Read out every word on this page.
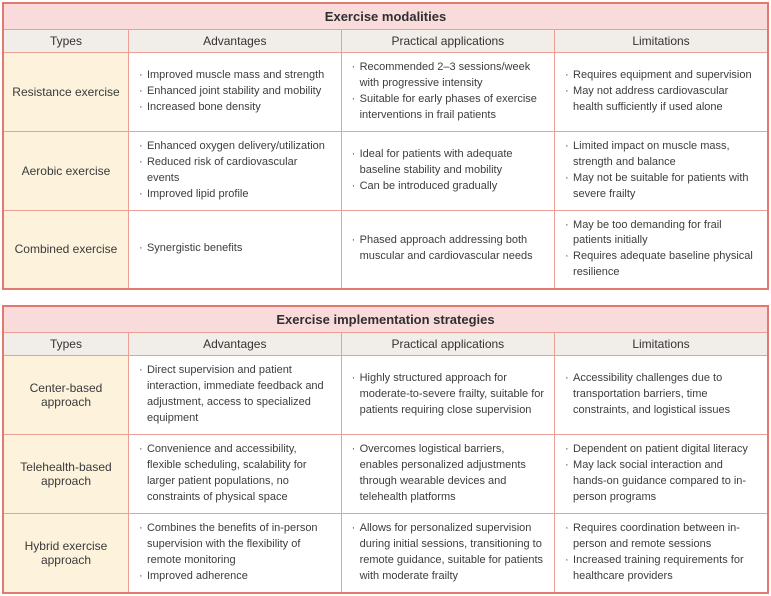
Exercise modalities			
Types	Advantages	Practical applications	Limitations
Resistance exercise	
· Improved muscle mass and strength
· Enhanced joint stability and mobility
· Increased bone density

· Recommended 2–3 sessions/week with progressive intensity
· Suitable for early phases of exercise interventions in frail patients

· Requires equipment and supervision
· May not address cardiovascular health sufficiently if used alone

Aerobic exercise	
· Enhanced oxygen delivery/utilization
· Reduced risk of cardiovascular events
· Improved lipid profile

· Ideal for patients with adequate baseline stability and mobility
· Can be introduced gradually

· Limited impact on muscle mass, strength and balance
· May not be suitable for patients with severe frailty

Combined exercise	
·Synergistic benefits

· Phased approach addressing both muscular and cardiovascular needs

· May be too demanding for frail patients initially
· Requires adequate baseline physical resilience
Exercise implementation strategies			
Types	Advantages	Practical applications	Limitations
Center-based approach	
· Direct supervision and patient interaction, immediate feedback and adjustment, access to specialized equipment

· Highly structured approach for moderate-to-severe frailty, suitable for patients requiring close supervision

· Accessibility challenges due to transportation barriers, time constraints, and logistical issues

Telehealth-based approach	
· Convenience and accessibility, flexible scheduling, scalability for larger patient populations, no constraints of physical space

· Overcomes logistical barriers, enables personalized adjustments through wearable devices and telehealth platforms

· Dependent on patient digital literacy
· May lack social interaction and hands-on guidance compared to in-person programs

Hybrid exercise approach	
· Combines the benefits of in-person supervision with the flexibility of remote monitoring
· Improved adherence

· Allows for personalized supervision during initial sessions, transitioning to remote guidance, suitable for patients with moderate frailty

· Requires coordination between in-person and remote sessions
· Increased training requirements for healthcare providers
